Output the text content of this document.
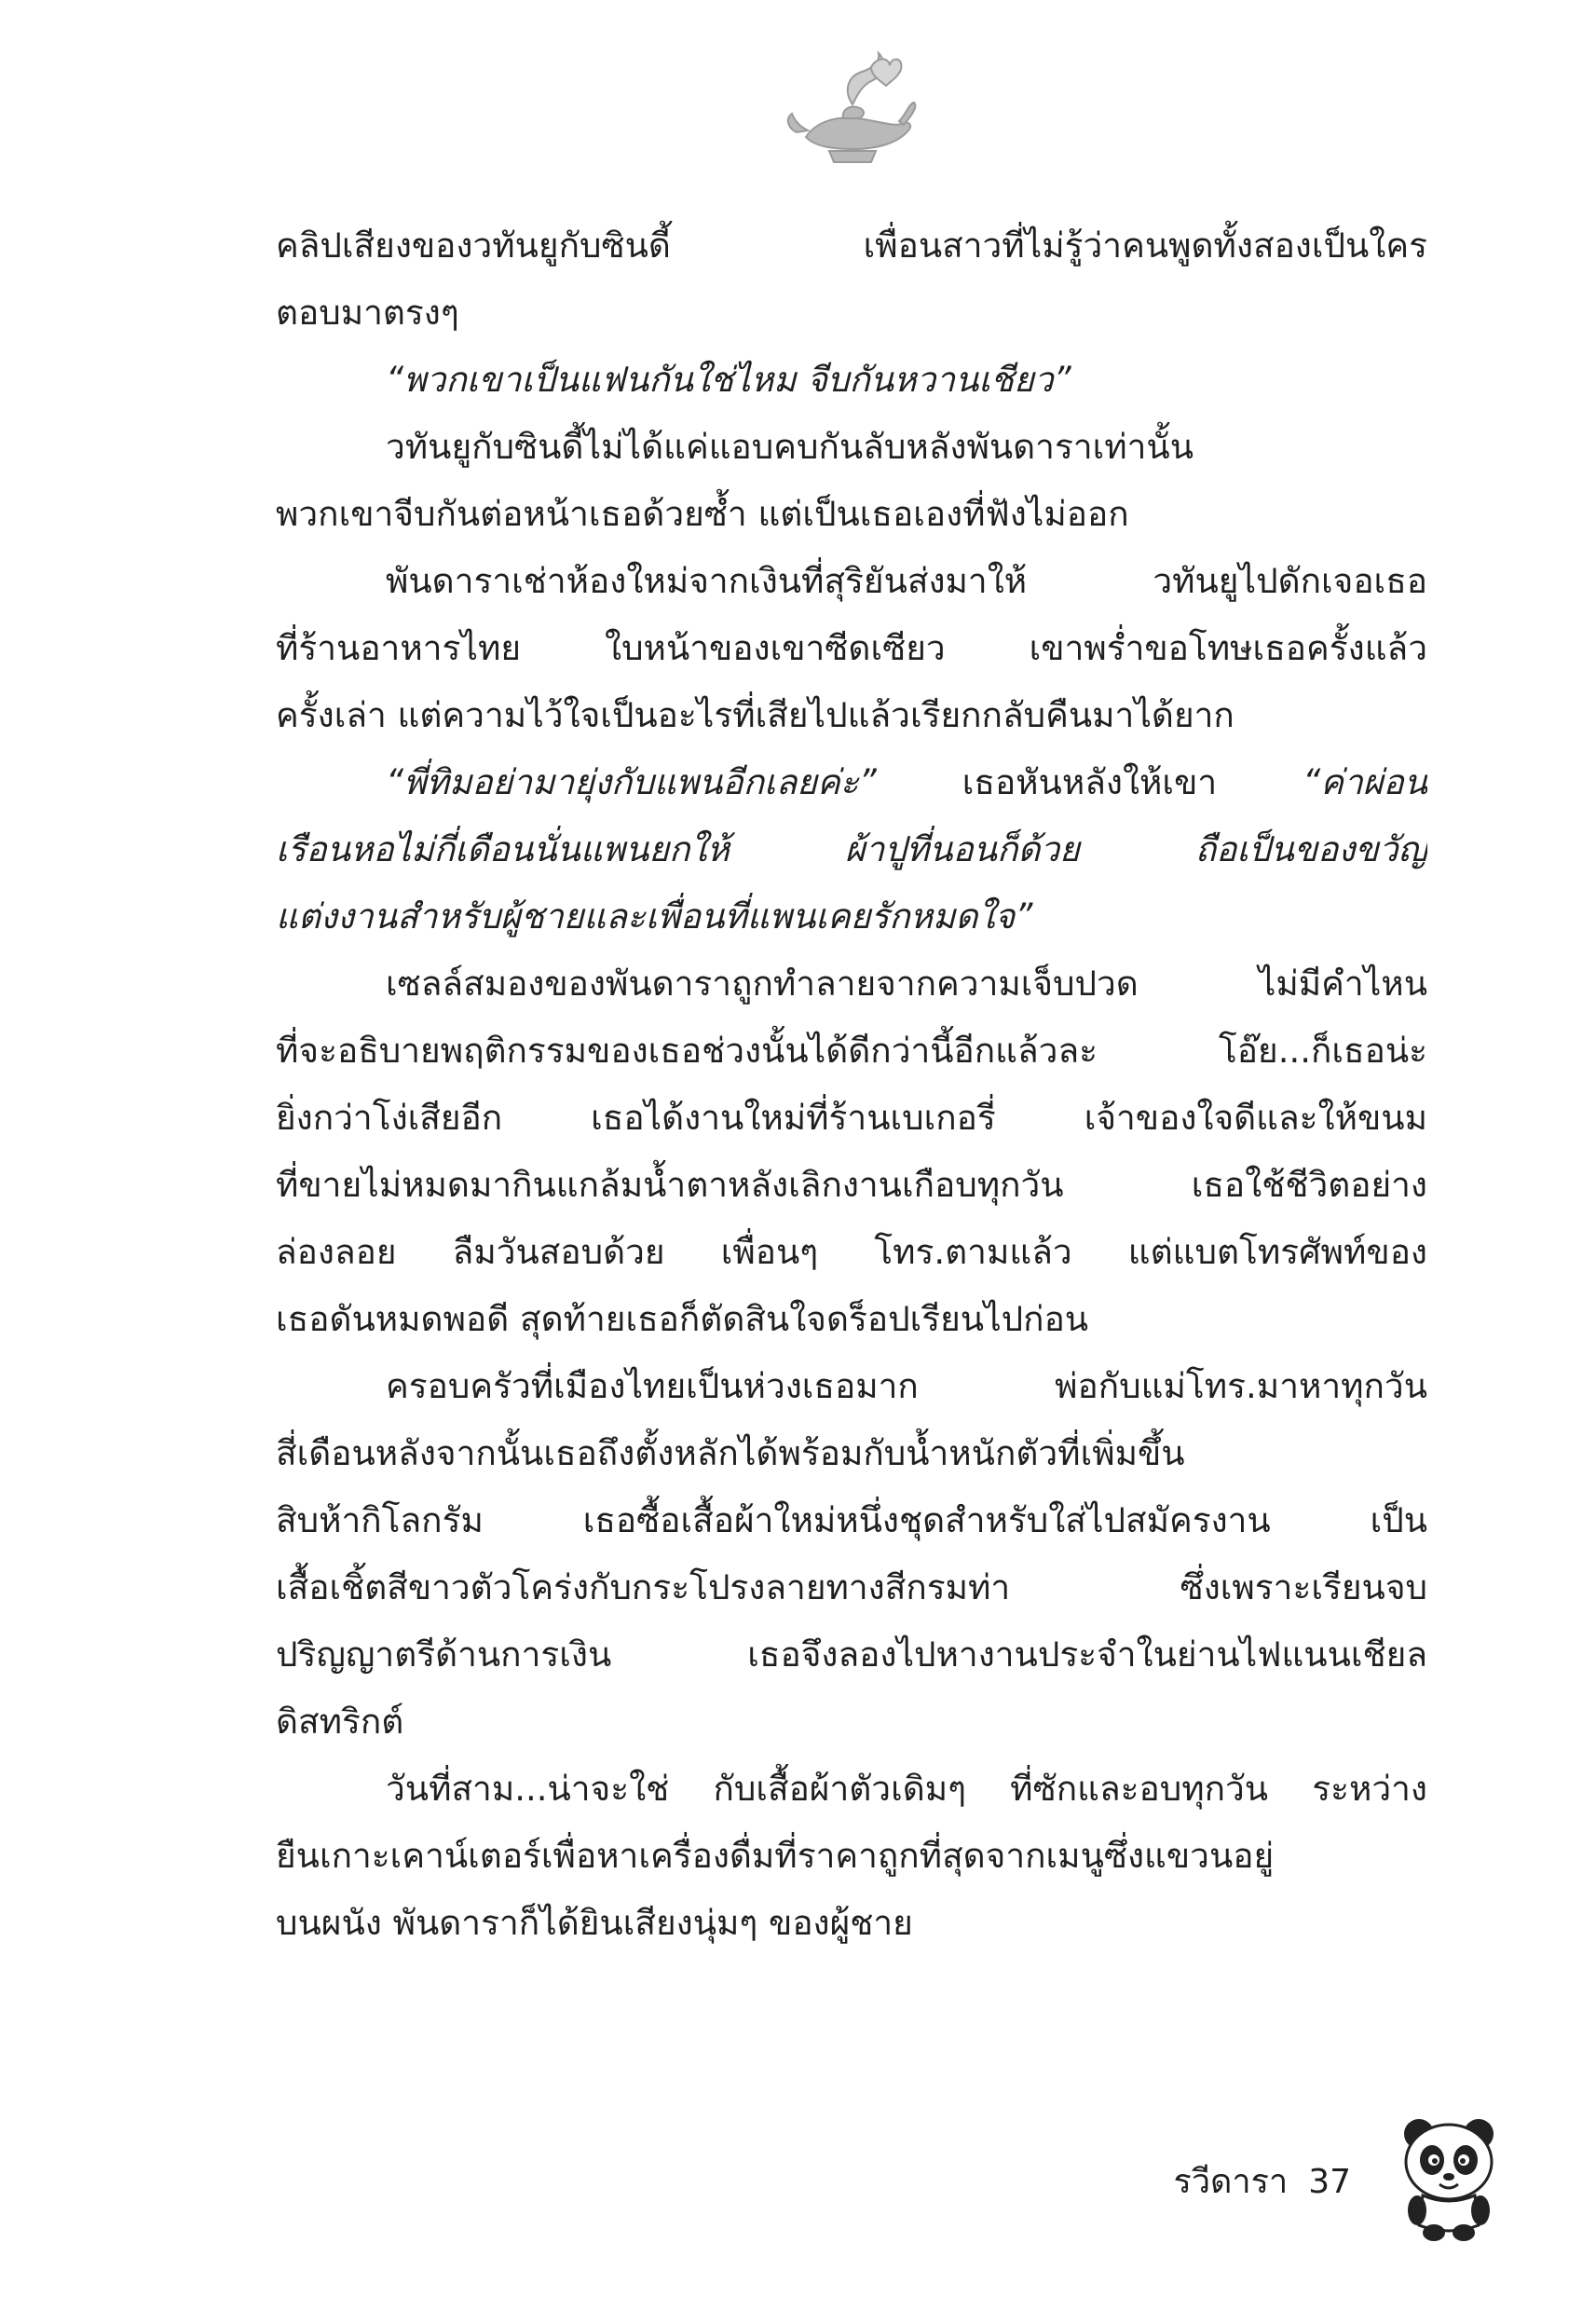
คลิปเสียงของวทันยูกับซินดี้ เพื่อนสาวที่ไม่รู้ว่าคนพูดทั้งสองเป็นใคร
ตอบมาตรงๆ
“พวกเขาเป็นแฟนกันใช่ไหม จีบกันหวานเชียว”
วทันยูกับซินดี้ไม่ได้แค่แอบคบกันลับหลังพันดาราเท่านั้น
พวกเขาจีบกันต่อหน้าเธอด้วยซ้ำ แต่เป็นเธอเองที่ฟังไม่ออก
พันดาราเช่าห้องใหม่จากเงินที่สุริยันส่งมาให้ วทันยูไปดักเจอเธอ
ที่ร้านอาหารไทย ใบหน้าของเขาซีดเซียว เขาพร่ำขอโทษเธอครั้งแล้ว
ครั้งเล่า แต่ความไว้ใจเป็นอะไรที่เสียไปแล้วเรียกกลับคืนมาได้ยาก
“พี่ทิมอย่ามายุ่งกับแพนอีกเลยค่ะ” เธอหันหลังให้เขา “ค่าผ่อน
เรือนหอไม่กี่เดือนนั่นแพนยกให้ ผ้าปูที่นอนก็ด้วย ถือเป็นของขวัญ
แต่งงานสำหรับผู้ชายและเพื่อนที่แพนเคยรักหมดใจ”
เซลล์สมองของพันดาราถูกทำลายจากความเจ็บปวด ไม่มีคำไหน
ที่จะอธิบายพฤติกรรมของเธอช่วงนั้นได้ดีกว่านี้อีกแล้วละ โอ๊ย...ก็เธอน่ะ
ยิ่งกว่าโง่เสียอีก เธอได้งานใหม่ที่ร้านเบเกอรี่ เจ้าของใจดีและให้ขนม
ที่ขายไม่หมดมากินแกล้มน้ำตาหลังเลิกงานเกือบทุกวัน เธอใช้ชีวิตอย่าง
ล่องลอย ลืมวันสอบด้วย เพื่อนๆ โทร.ตามแล้ว แต่แบตโทรศัพท์ของ
เธอดันหมดพอดี สุดท้ายเธอก็ตัดสินใจดร็อปเรียนไปก่อน
ครอบครัวที่เมืองไทยเป็นห่วงเธอมาก พ่อกับแม่โทร.มาหาทุกวัน
สี่เดือนหลังจากนั้นเธอถึงตั้งหลักได้พร้อมกับน้ำหนักตัวที่เพิ่มขึ้น
สิบห้ากิโลกรัม เธอซื้อเสื้อผ้าใหม่หนึ่งชุดสำหรับใส่ไปสมัครงาน เป็น
เสื้อเชิ้ตสีขาวตัวโคร่งกับกระโปรงลายทางสีกรมท่า ซึ่งเพราะเรียนจบ
ปริญญาตรีด้านการเงิน เธอจึงลองไปหางานประจำในย่านไฟแนนเชียล
ดิสทริกต์
วันที่สาม...น่าจะใช่ กับเสื้อผ้าตัวเดิมๆ ที่ซักและอบทุกวัน ระหว่าง
ยืนเกาะเคาน์เตอร์เพื่อหาเครื่องดื่มที่ราคาถูกที่สุดจากเมนูซึ่งแขวนอยู่
บนผนัง พันดาราก็ได้ยินเสียงนุ่มๆ ของผู้ชาย
รวีดารา 37
